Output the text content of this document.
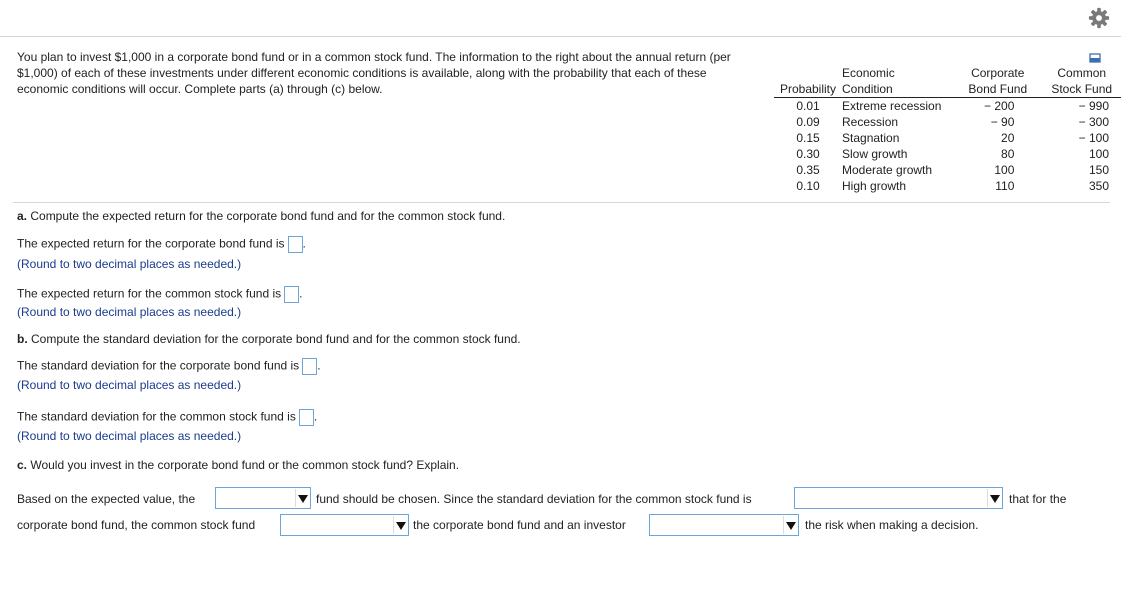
You plan to invest $1,000 in a corporate bond fund or in a common stock fund. The information to the right about the annual return (per $1,000) of each of these investments under different economic conditions is available, along with the probability that each of these economic conditions will occur. Complete parts (a) through (c) below.
	Economic	Corporate	Common
Probability	Condition	Bond Fund	Stock Fund
0.01	Extreme recession	− 200	− 990
0.09	Recession	− 90	− 300
0.15	Stagnation	20	− 100
0.30	Slow growth	80	100
0.35	Moderate growth	100	150
0.10	High growth	110	350
a. Compute the expected return for the corporate bond fund and for the common stock fund.
The expected return for the corporate bond fund is .
(Round to two decimal places as needed.)
The expected return for the common stock fund is .
(Round to two decimal places as needed.)
b. Compute the standard deviation for the corporate bond fund and for the common stock fund.
The standard deviation for the corporate bond fund is .
(Round to two decimal places as needed.)
The standard deviation for the common stock fund is .
(Round to two decimal places as needed.)
c. Would you invest in the corporate bond fund or the common stock fund? Explain.
Based on the expected value, the	fund should be chosen. Since the standard deviation for the common stock fund is	that for the
corporate bond fund, the common stock fund	the corporate bond fund and an investor	the risk when making a decision.
